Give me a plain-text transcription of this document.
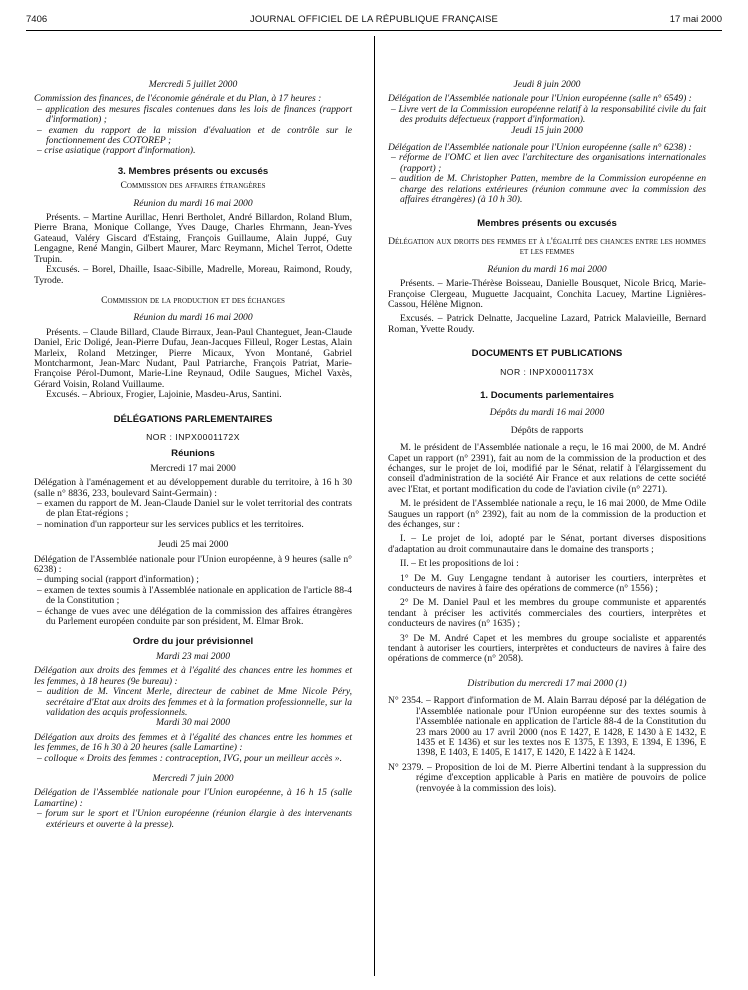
7406	JOURNAL OFFICIEL DE LA RÉPUBLIQUE FRANÇAISE	17 mai 2000

Mercredi 5 juillet 2000

Commission des finances, de l'économie générale et du Plan, à 17 heures :

– application des mesures fiscales contenues dans les lois de finances (rapport d'information) ;

– examen du rapport de la mission d'évaluation et de contrôle sur le fonctionnement des COTOREP ;

– crise asiatique (rapport d'information).

3. Membres présents ou excusés

Commission des affaires étrangères

Réunion du mardi 16 mai 2000

Présents. – Martine Aurillac, Henri Bertholet, André Billardon, Roland Blum, Pierre Brana, Monique Collange, Yves Dauge, Charles Ehrmann, Jean-Yves Gateaud, Valéry Giscard d'Estaing, François Guillaume, Alain Juppé, Guy Lengagne, René Mangin, Gilbert Maurer, Marc Reymann, Michel Terrot, Odette Trupin.

Excusés. – Borel, Dhaille, Isaac-Sibille, Madrelle, Moreau, Raimond, Roudy, Tyrode.

Commission de la production et des échanges

Réunion du mardi 16 mai 2000

Présents. – Claude Billard, Claude Birraux, Jean-Paul Chanteguet, Jean-Claude Daniel, Eric Doligé, Jean-Pierre Dufau, Jean-Jacques Filleul, Roger Lestas, Alain Marleix, Roland Metzinger, Pierre Micaux, Yvon Montané, Gabriel Montcharmont, Jean-Marc Nudant, Paul Patriarche, François Patriat, Marie-Françoise Pérol-Dumont, Marie-Line Reynaud, Odile Saugues, Michel Vaxès, Gérard Voisin, Roland Vuillaume.

Excusés. – Abrioux, Frogier, Lajoinie, Masdeu-Arus, Santini.

DÉLÉGATIONS PARLEMENTAIRES

NOR : INPX0001172X

Réunions

Mercredi 17 mai 2000

Délégation à l'aménagement et au développement durable du territoire, à 16 h 30 (salle n° 8836, 233, boulevard Saint-Germain) :

– examen du rapport de M. Jean-Claude Daniel sur le volet territorial des contrats de plan Etat-régions ;

– nomination d'un rapporteur sur les services publics et les territoires.

Jeudi 25 mai 2000

Délégation de l'Assemblée nationale pour l'Union européenne, à 9 heures (salle n° 6238) :

– dumping social (rapport d'information) ;

– examen de textes soumis à l'Assemblée nationale en application de l'article 88-4 de la Constitution ;

– échange de vues avec une délégation de la commission des affaires étrangères du Parlement européen conduite par son président, M. Elmar Brok.

Ordre du jour prévisionnel

Mardi 23 mai 2000

Délégation aux droits des femmes et à l'égalité des chances entre les hommes et les femmes, à 18 heures (9e bureau) :

– audition de M. Vincent Merle, directeur de cabinet de Mme Nicole Péry, secrétaire d'Etat aux droits des femmes et à la formation professionnelle, sur la validation des acquis professionnels.

Mardi 30 mai 2000

Délégation aux droits des femmes et à l'égalité des chances entre les hommes et les femmes, de 16 h 30 à 20 heures (salle Lamartine) :

– colloque « Droits des femmes : contraception, IVG, pour un meilleur accès ».

Mercredi 7 juin 2000

Délégation de l'Assemblée nationale pour l'Union européenne, à 16 h 15 (salle Lamartine) :

– forum sur le sport et l'Union européenne (réunion élargie à des intervenants extérieurs et ouverte à la presse).

Jeudi 8 juin 2000

Délégation de l'Assemblée nationale pour l'Union européenne (salle n° 6549) :

– Livre vert de la Commission européenne relatif à la responsabilité civile du fait des produits défectueux (rapport d'information).

Jeudi 15 juin 2000

Délégation de l'Assemblée nationale pour l'Union européenne (salle n° 6238) :

– réforme de l'OMC et lien avec l'architecture des organisations internationales (rapport) ;

– audition de M. Christopher Patten, membre de la Commission européenne en charge des relations extérieures (réunion commune avec la commission des affaires étrangères) (à 10 h 30).

Membres présents ou excusés

Délégation aux droits des femmes et à l'égalité des chances entre les hommes et les femmes

Réunion du mardi 16 mai 2000

Présents. – Marie-Thérèse Boisseau, Danielle Bousquet, Nicole Bricq, Marie-Françoise Clergeau, Muguette Jacquaint, Conchita Lacuey, Martine Lignières-Cassou, Hélène Mignon.

Excusés. – Patrick Delnatte, Jacqueline Lazard, Patrick Malavieille, Bernard Roman, Yvette Roudy.

DOCUMENTS ET PUBLICATIONS

NOR : INPX0001173X

1. Documents parlementaires

Dépôts du mardi 16 mai 2000

Dépôts de rapports

M. le président de l'Assemblée nationale a reçu, le 16 mai 2000, de M. André Capet un rapport (n° 2391), fait au nom de la commission de la production et des échanges, sur le projet de loi, modifié par le Sénat, relatif à l'élargissement du conseil d'administration de la société Air France et aux relations de cette société avec l'Etat, et portant modification du code de l'aviation civile (n° 2271).

M. le président de l'Assemblée nationale a reçu, le 16 mai 2000, de Mme Odile Saugues un rapport (n° 2392), fait au nom de la commission de la production et des échanges, sur :

I. – Le projet de loi, adopté par le Sénat, portant diverses dispositions d'adaptation au droit communautaire dans le domaine des transports ;

II. – Et les propositions de loi :

1° De M. Guy Lengagne tendant à autoriser les courtiers, interprètes et conducteurs de navires à faire des opérations de commerce (n° 1556) ;

2° De M. Daniel Paul et les membres du groupe communiste et apparentés tendant à préciser les activités commerciales des courtiers, interprètes et conducteurs de navires (n° 1635) ;

3° De M. André Capet et les membres du groupe socialiste et apparentés tendant à autoriser les courtiers, interprètes et conducteurs de navires à faire des opérations de commerce (n° 2058).

Distribution du mercredi 17 mai 2000 (1)

N° 2354. – Rapport d'information de M. Alain Barrau déposé par la délégation de l'Assemblée nationale pour l'Union européenne sur des textes soumis à l'Assemblée nationale en application de l'article 88-4 de la Constitution du 23 mars 2000 au 17 avril 2000 (nos E 1427, E 1428, E 1430 à E 1432, E 1435 et E 1436) et sur les textes nos E 1375, E 1393, E 1394, E 1396, E 1398, E 1403, E 1405, E 1417, E 1420, E 1422 à E 1424.

N° 2379. – Proposition de loi de M. Pierre Albertini tendant à la suppression du régime d'exception applicable à Paris en matière de pouvoirs de police (renvoyée à la commission des lois).
